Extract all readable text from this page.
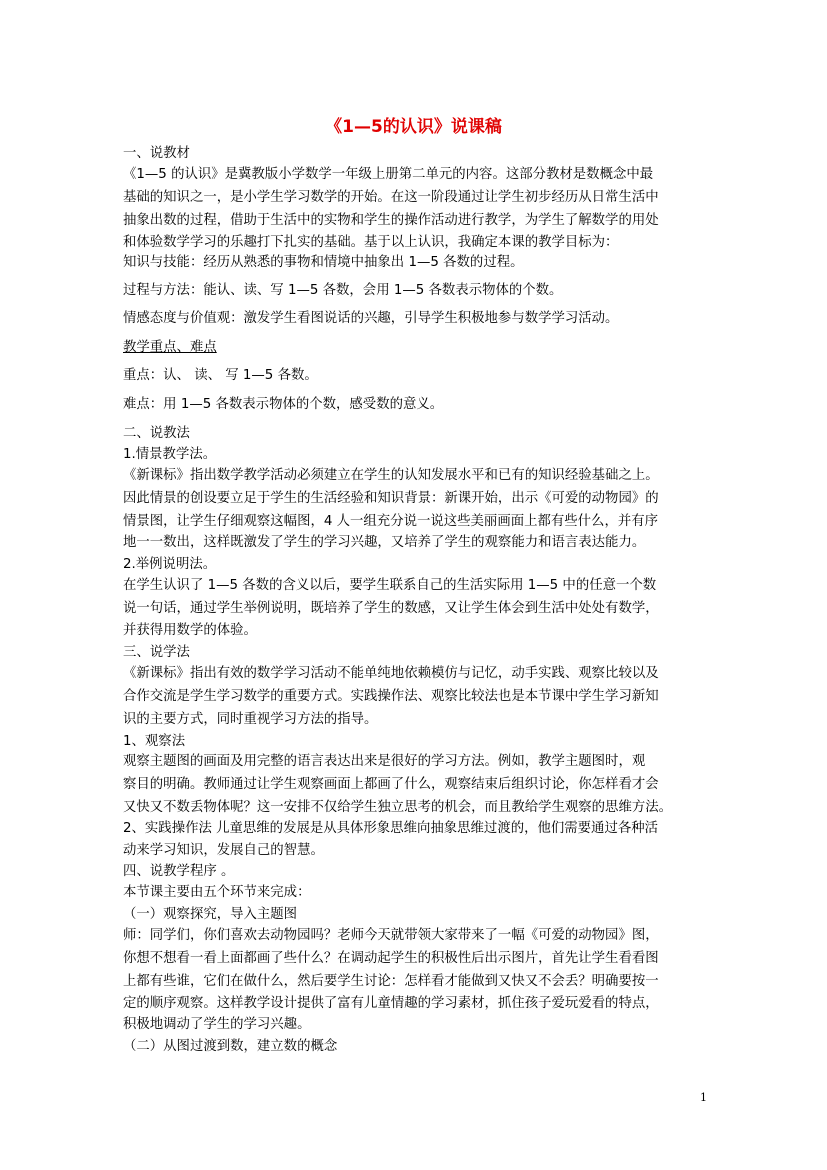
《1—5的认识》说课稿
一、说教材
《1—5 的认识》是冀教版小学数学一年级上册第二单元的内容。这部分教材是数概念中最
基础的知识之一，是小学生学习数学的开始。在这一阶段通过让学生初步经历从日常生活中
抽象出数的过程，借助于生活中的实物和学生的操作活动进行教学，为学生了解数学的用处
和体验数学学习的乐趣打下扎实的基础。基于以上认识，我确定本课的教学目标为：
知识与技能：经历从熟悉的事物和情境中抽象出 1—5 各数的过程。
过程与方法：能认、读、写 1—5 各数，会用 1—5 各数表示物体的个数。
情感态度与价值观：激发学生看图说话的兴趣，引导学生积极地参与数学学习活动。
教学重点、难点
重点：认、 读、 写 1—5 各数。
难点：用 1—5 各数表示物体的个数，感受数的意义。
二、说教法
1.情景教学法。
《新课标》指出数学教学活动必须建立在学生的认知发展水平和已有的知识经验基础之上。
因此情景的创设要立足于学生的生活经验和知识背景：新课开始，出示《可爱的动物园》的
情景图，让学生仔细观察这幅图，4 人一组充分说一说这些美丽画面上都有些什么，并有序
地一一数出，这样既激发了学生的学习兴趣，又培养了学生的观察能力和语言表达能力。
2.举例说明法。
在学生认识了 1—5 各数的含义以后，要学生联系自己的生活实际用 1—5 中的任意一个数
说一句话，通过学生举例说明，既培养了学生的数感，又让学生体会到生活中处处有数学，
并获得用数学的体验。
三、说学法
《新课标》指出有效的数学学习活动不能单纯地依赖模仿与记忆，动手实践、观察比较以及
合作交流是学生学习数学的重要方式。实践操作法、观察比较法也是本节课中学生学习新知
识的主要方式，同时重视学习方法的指导。
1、观察法
观察主题图的画面及用完整的语言表达出来是很好的学习方法。例如，教学主题图时，观
察目的明确。教师通过让学生观察画面上都画了什么，观察结束后组织讨论，你怎样看才会
又快又不数丢物体呢？这一安排不仅给学生独立思考的机会，而且教给学生观察的思维方法。
2、实践操作法 儿童思维的发展是从具体形象思维向抽象思维过渡的，他们需要通过各种活
动来学习知识，发展自己的智慧。
四、说教学程序 。
本节课主要由五个环节来完成：
（一）观察探究，导入主题图
师：同学们，你们喜欢去动物园吗？老师今天就带领大家带来了一幅《可爱的动物园》图，
你想不想看一看上面都画了些什么？在调动起学生的积极性后出示图片，首先让学生看看图
上都有些谁，它们在做什么，然后要学生讨论：怎样看才能做到又快又不会丢？明确要按一
定的顺序观察。这样教学设计提供了富有儿童情趣的学习素材，抓住孩子爱玩爱看的特点，
积极地调动了学生的学习兴趣。
（二）从图过渡到数，建立数的概念
1
